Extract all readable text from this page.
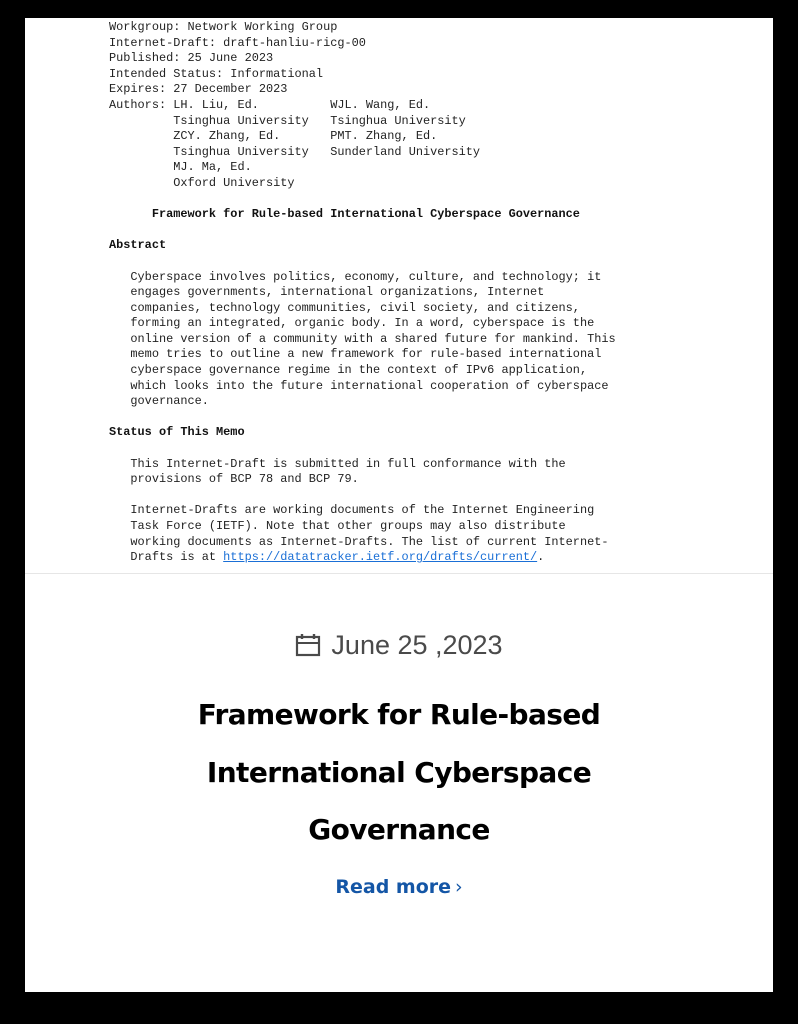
Workgroup: Network Working Group
Internet-Draft: draft-hanliu-ricg-00
Published: 25 June 2023
Intended Status: Informational
Expires: 27 December 2023
Authors: LH. Liu, Ed.          WJL. Wang, Ed.
Tsinghua University   Tsinghua University
ZCY. Zhang, Ed.       PMT. Zhang, Ed.
Tsinghua University   Sunderland University
MJ. Ma, Ed.
Oxford University

Framework for Rule-based International Cyberspace Governance

Abstract

Cyberspace involves politics, economy, culture, and technology; it
engages governments, international organizations, Internet
companies, technology communities, civil society, and citizens,
forming an integrated, organic body. In a word, cyberspace is the
online version of a community with a shared future for mankind. This
memo tries to outline a new framework for rule-based international
cyberspace governance regime in the context of IPv6 application,
which looks into the future international cooperation of cyberspace
governance.

Status of This Memo

This Internet-Draft is submitted in full conformance with the
provisions of BCP 78 and BCP 79.

Internet-Drafts are working documents of the Internet Engineering
Task Force (IETF). Note that other groups may also distribute
working documents as Internet-Drafts. The list of current Internet-
Drafts is at https://datatracker.ietf.org/drafts/current/.
June 25 ,2023
Framework for Rule-based
International Cyberspace
Governance
Read more ›
